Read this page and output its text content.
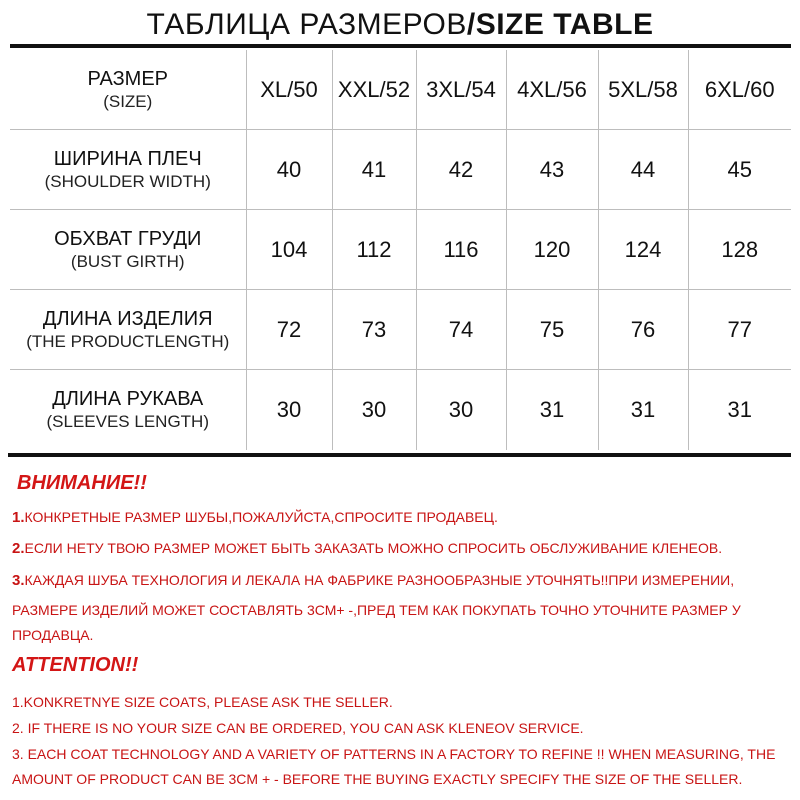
ТАБЛИЦА РАЗМЕРОВ/SIZE TABLE
РАЗМЕР
(SIZE)	XL/50	XXL/52	3XL/54	4XL/56	5XL/58	6XL/60

ШИРИНА ПЛЕЧ
(SHOULDER WIDTH)	40	41	42	43	44	45

ОБХВАТ ГРУДИ
(BUST GIRTH)	104	112	116	120	124	128

ДЛИНА ИЗДЕЛИЯ
(THE PRODUCTLENGTH)	72	73	74	75	76	77

ДЛИНА РУКАВА
(SLEEVES LENGTH)	30	30	30	31	31	31
ВНИМАНИЕ!!
1.КОНКРЕТНЫЕ РАЗМЕР ШУБЫ,ПОЖАЛУЙСТА,СПРОСИТЕ ПРОДАВЕЦ.
2.ЕСЛИ НЕТУ ТВОЮ РАЗМЕР МОЖЕТ БЫТЬ ЗАКАЗАТЬ МОЖНО СПРОСИТЬ ОБСЛУЖИВАНИЕ КЛЕНЕОВ.
3.КАЖДАЯ ШУБА ТЕХНОЛОГИЯ И ЛЕКАЛА НА ФАБРИКЕ РАЗНООБРАЗНЫЕ УТОЧНЯТЬ!!ПРИ ИЗМЕРЕНИИ,
РАЗМЕРЕ ИЗДЕЛИЙ МОЖЕТ СОСТАВЛЯТЬ 3СМ+ -,ПРЕД ТЕМ КАК ПОКУПАТЬ ТОЧНО УТОЧНИТЕ РАЗМЕР У
ПРОДАВЦА.
ATTENTION!!
1.KONKRETNYE SIZE COATS, PLEASE ASK THE SELLER.
2. IF THERE IS NO YOUR SIZE CAN BE ORDERED, YOU CAN ASK KLENEOV SERVICE.
3. EACH COAT TECHNOLOGY AND A VARIETY OF PATTERNS IN A FACTORY TO REFINE !! WHEN MEASURING, THE
AMOUNT OF PRODUCT CAN BE 3CM + - BEFORE THE BUYING EXACTLY SPECIFY THE SIZE OF THE SELLER.
